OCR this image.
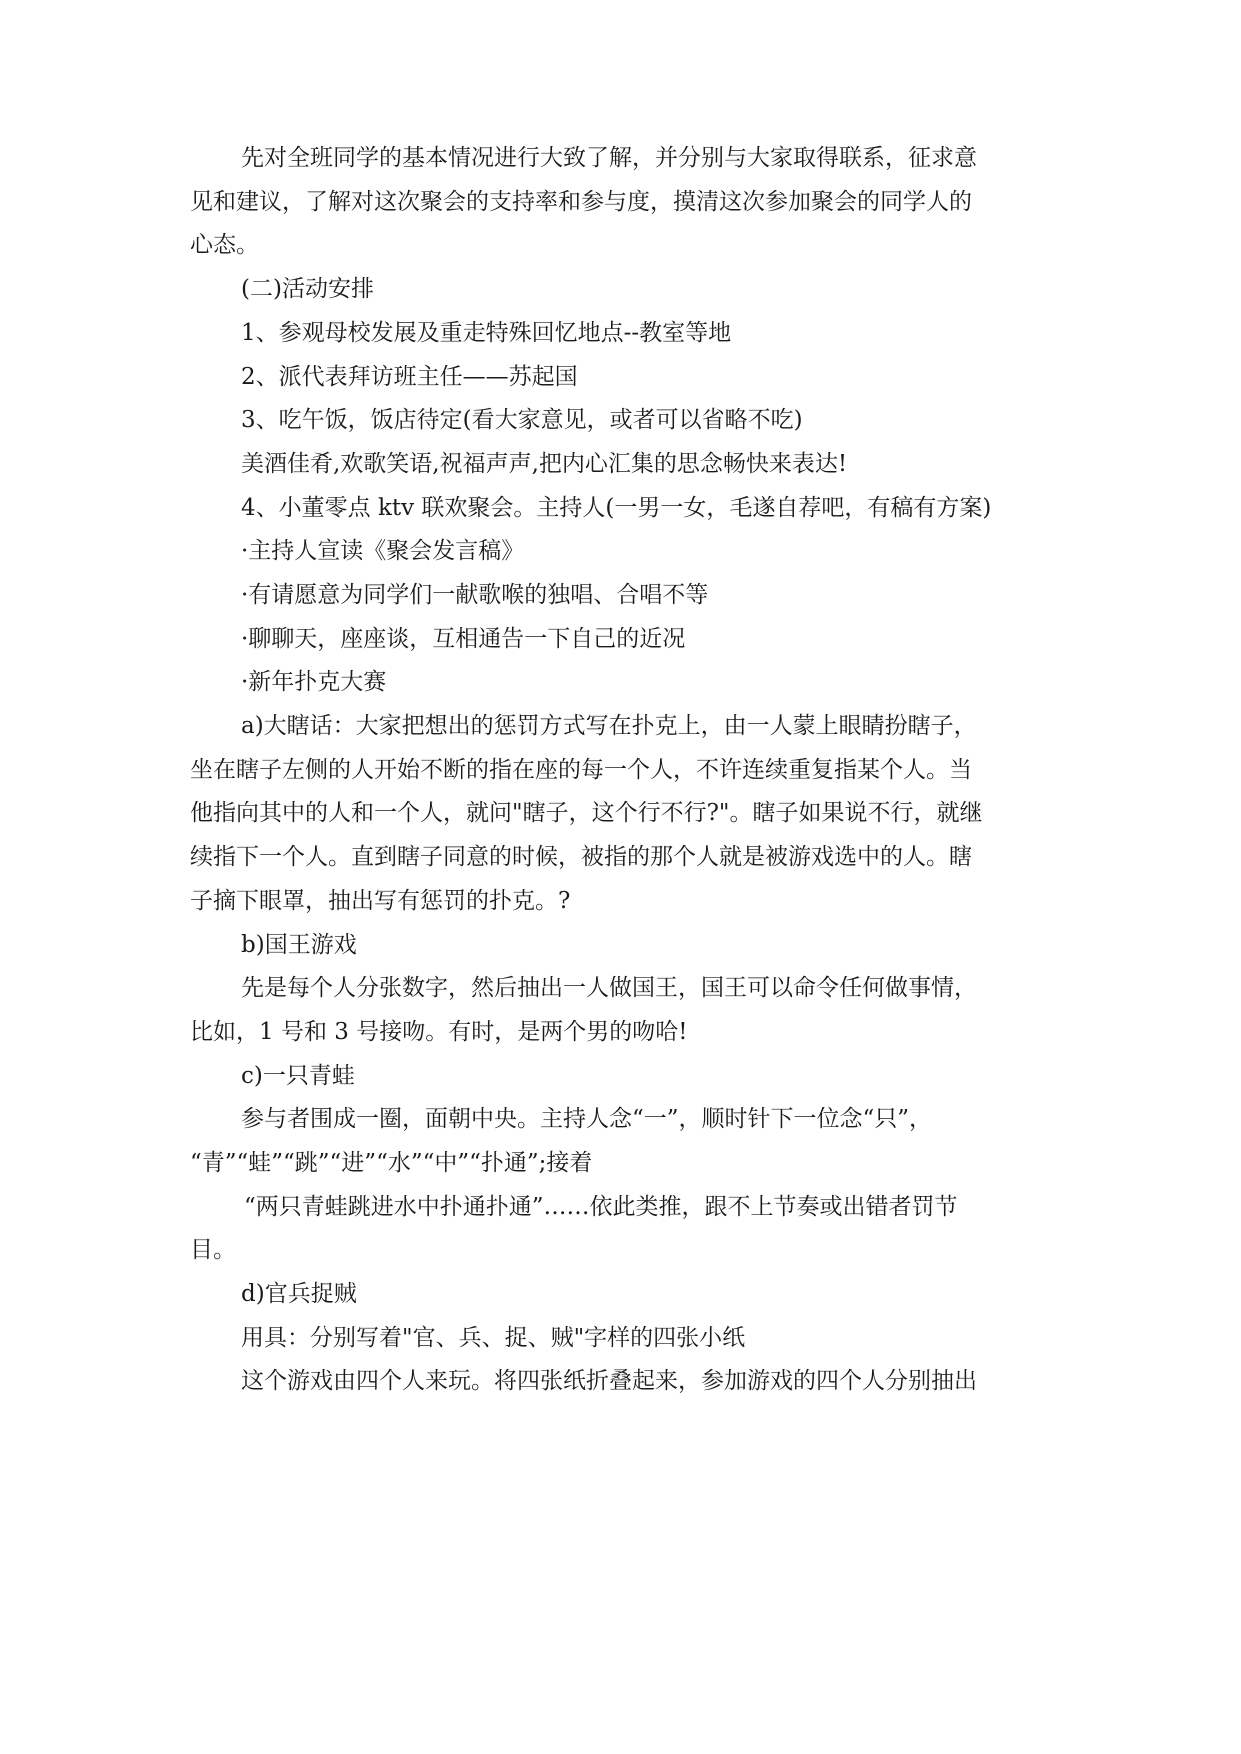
先对全班同学的基本情况进行大致了解，并分别与大家取得联系，征求意

见和建议，了解对这次聚会的支持率和参与度，摸清这次参加聚会的同学人的

心态。

(二)活动安排

1、参观母校发展及重走特殊回忆地点--教室等地

2、派代表拜访班主任——苏起国

3、吃午饭，饭店待定(看大家意见，或者可以省略不吃)

美酒佳肴,欢歌笑语,祝福声声,把内心汇集的思念畅快来表达!

4、小董零点 ktv 联欢聚会。主持人(一男一女，毛遂自荐吧，有稿有方案)

·主持人宣读《聚会发言稿》

·有请愿意为同学们一献歌喉的独唱、合唱不等

·聊聊天，座座谈，互相通告一下自己的近况

·新年扑克大赛

a)大瞎话：大家把想出的惩罚方式写在扑克上，由一人蒙上眼睛扮瞎子，

坐在瞎子左侧的人开始不断的指在座的每一个人，不许连续重复指某个人。当

他指向其中的人和一个人，就问"瞎子，这个行不行?"。瞎子如果说不行，就继

续指下一个人。直到瞎子同意的时候，被指的那个人就是被游戏选中的人。瞎

子摘下眼罩，抽出写有惩罚的扑克。?

b)国王游戏

先是每个人分张数字，然后抽出一人做国王，国王可以命令任何做事情，

比如，1 号和 3 号接吻。有时，是两个男的吻哈!

c)一只青蛙

参与者围成一圈，面朝中央。主持人念“一”，顺时针下一位念“只”，

“青”“蛙”“跳”“进”“水”“中”“扑通”;接着

“两只青蛙跳进水中扑通扑通”……依此类推，跟不上节奏或出错者罚节

目。

d)官兵捉贼

用具：分别写着"官、兵、捉、贼"字样的四张小纸

这个游戏由四个人来玩。将四张纸折叠起来，参加游戏的四个人分别抽出
